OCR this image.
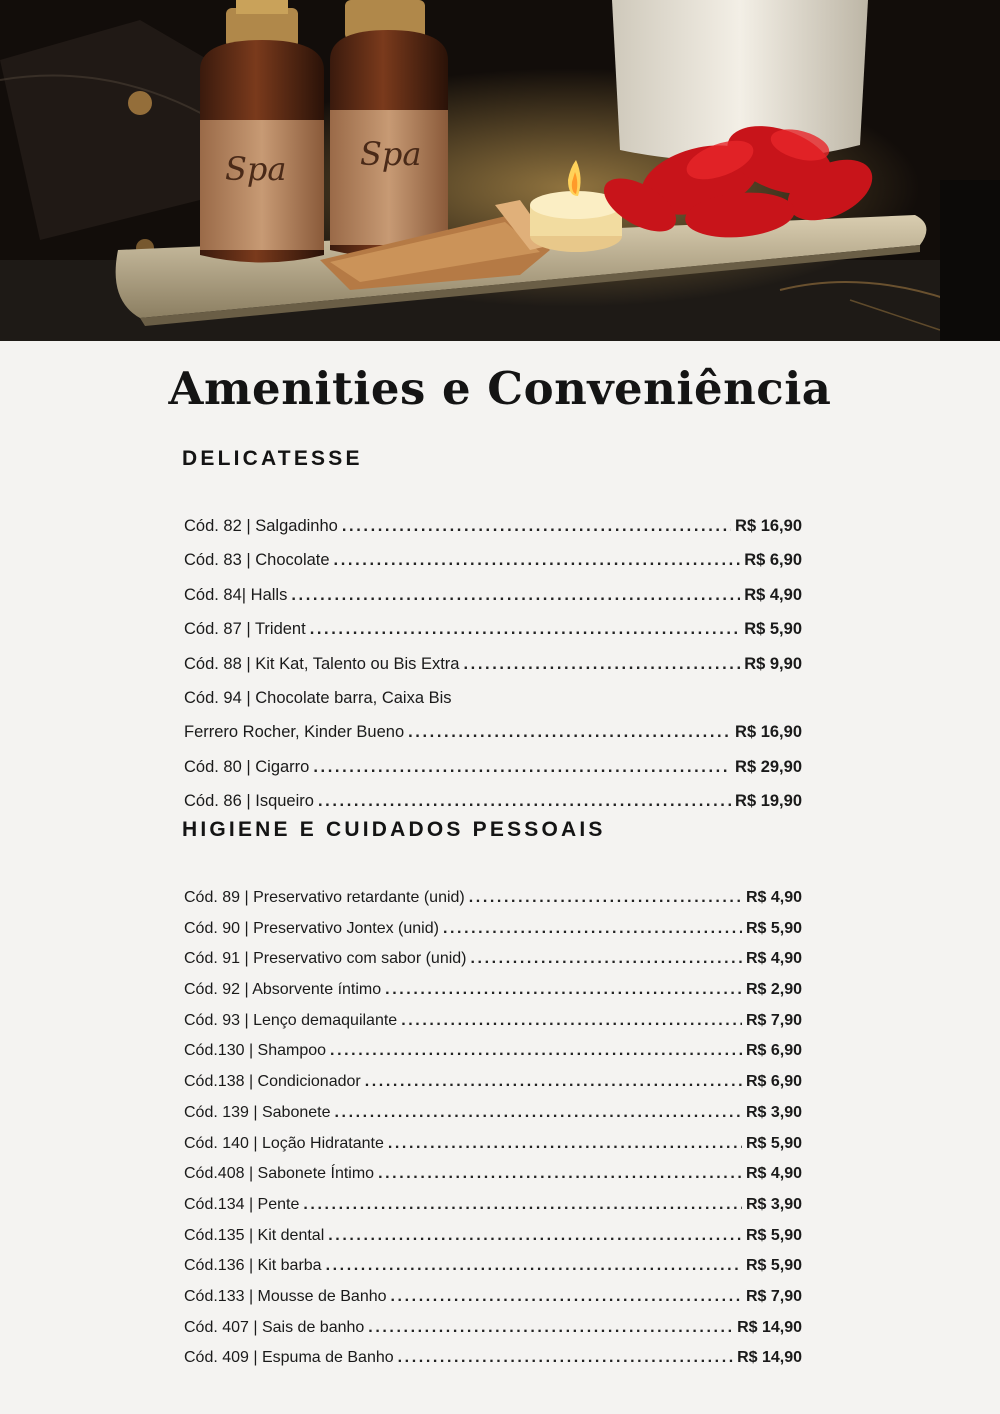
Spa Spa
Amenities e Conveniência
DELICATESSE
Cód. 82 | Salgadinho .....	R$ 16,90
Cód. 83 | Chocolate .....	R$ 6,90
Cód. 84| Halls .....	R$ 4,90
Cód. 87 | Trident .....	R$ 5,90
Cód. 88 | Kit Kat, Talento ou Bis Extra .....	R$ 9,90
Cód. 94 | Chocolate barra, Caixa Bis
Ferrero Rocher, Kinder Bueno .....	R$ 16,90
Cód. 80 | Cigarro .....	R$ 29,90
Cód. 86 | Isqueiro .....	R$ 19,90
HIGIENE E CUIDADOS PESSOAIS
Cód. 89 | Preservativo retardante (unid) .....	R$ 4,90
Cód. 90 | Preservativo Jontex (unid) .....	R$ 5,90
Cód. 91 | Preservativo com sabor (unid) .....	R$ 4,90
Cód. 92 | Absorvente íntimo .....	R$ 2,90
Cód. 93 | Lenço demaquilante .....	R$ 7,90
Cód.130 | Shampoo .....	R$ 6,90
Cód.138 | Condicionador .....	R$ 6,90
Cód. 139 | Sabonete .....	R$ 3,90
Cód. 140 | Loção Hidratante .....	R$ 5,90
Cód.408 | Sabonete Íntimo .....	R$ 4,90
Cód.134 | Pente .....	R$ 3,90
Cód.135 | Kit dental .....	R$ 5,90
Cód.136 | Kit barba .....	R$ 5,90
Cód.133 | Mousse de Banho .....	R$ 7,90
Cód. 407 | Sais de banho .....	R$ 14,90
Cód. 409 | Espuma de Banho .....	R$ 14,90
